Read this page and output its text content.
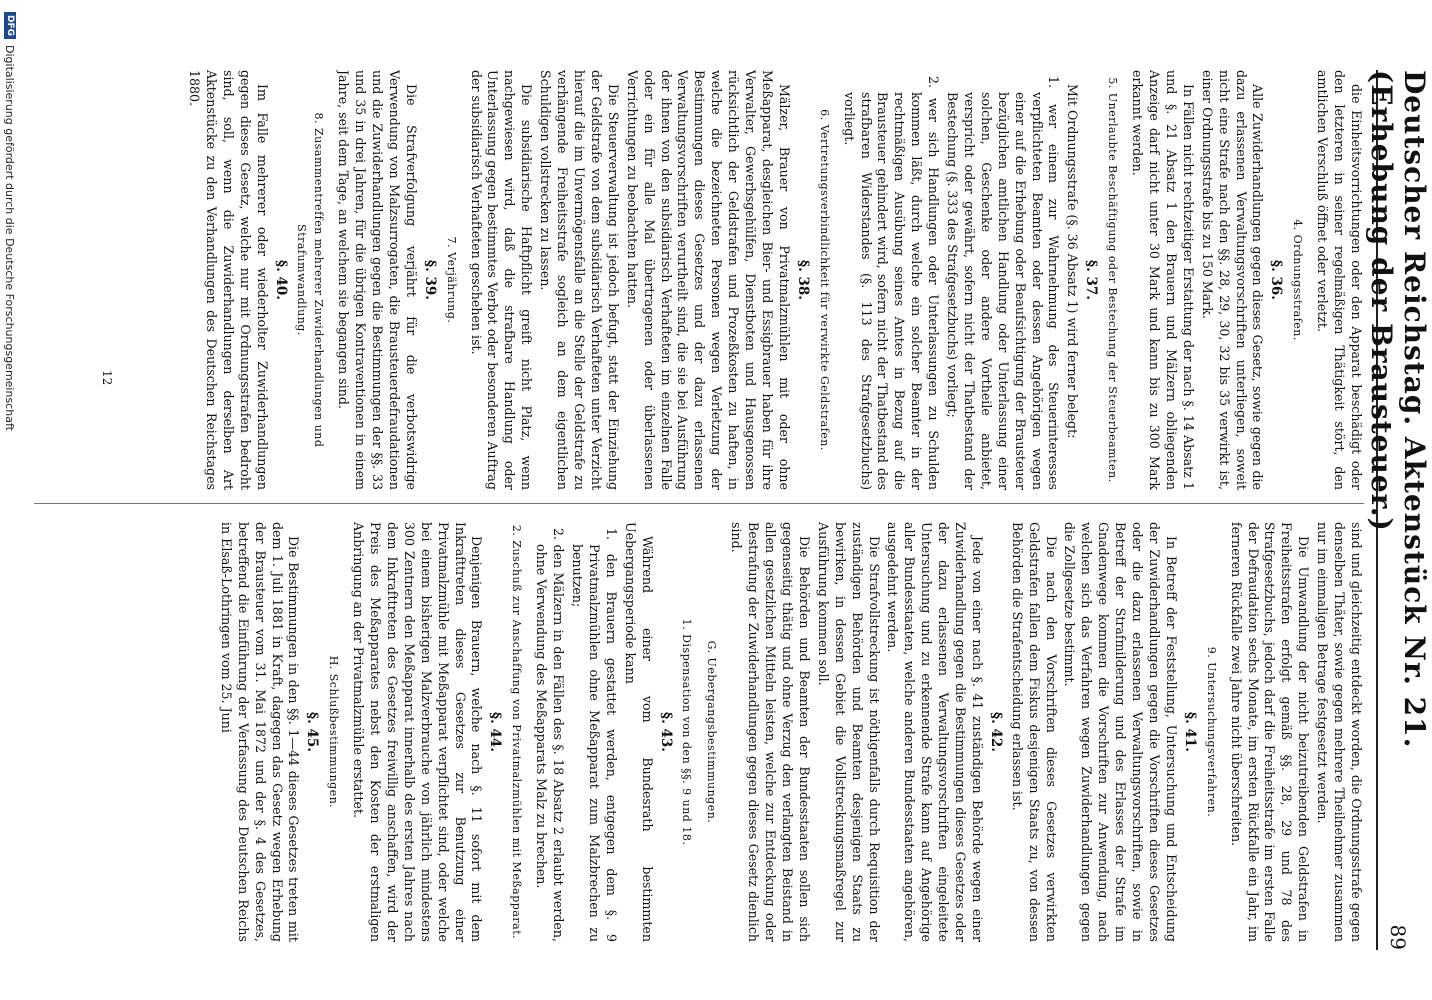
Deutscher Reichstag. Aktenstück Nr. 21. (Erhebung der Brausteuer.)
89

die Einheitsvorrichtungen oder den Apparat beschädigt oder den letzteren in seiner regelmäßigen Thätigkeit stört, den amtlichen Verschluß öffnet oder verletzt.

4. Ordnungsstrafen.
§. 36.

Alle Zuwiderhandlungen gegen dieses Gesetz, sowie gegen die dazu erlassenen Verwaltungsvorschriften unterliegen, soweit nicht eine Strafe nach den §§. 28, 29, 30, 32 bis 35 verwirkt ist, einer Ordnungsstrafe bis zu 150 Mark.

In Fällen nicht rechtzeitiger Erstattung der nach §. 14 Absatz 1 und §. 21 Absatz 1 den Brauern und Mälzern obliegenden Anzeige darf nicht unter 30 Mark und kann bis zu 300 Mark erkannt werden.

5. Unerlaubte Beschäftigung oder Bestechung der Steuerbeamten.
§. 37.

Mit Ordnungsstrafe (§. 36 Absatz 1) wird ferner belegt:

1. wer einem zur Wahrnehmung des Steuerinteresses verpflichteten Beamten oder dessen Angehörigen wegen einer auf die Erhebung oder Beaufsichtigung der Brausteuer bezüglichen amtlichen Handlung oder Unterlassung einer solchen, Geschenke oder andere Vortheile anbietet, verspricht oder gewährt, sofern nicht der Thatbestand der Bestechung (§. 333 des Strafgesetzbuchs) vorliegt;

2. wer sich Handlungen oder Unterlassungen zu Schulden kommen läßt, durch welche ein solcher Beamter in der rechtmäßigen Ausübung seines Amtes in Bezug auf die Brausteuer gehindert wird, sofern nicht der Thatbestand des strafbaren Widerstandes (§. 113 des Strafgesetzbuchs) vorliegt.

6. Vertretungsverbindlichkeit für verwirkte Geldstrafen.
§. 38.

Mälzer, Brauer von Privatmalzmühlen mit oder ohne Meßapparat, desgleichen Bier- und Essigbrauer haben für ihre Verwalter, Gewerbsgehülfen, Dienstboten und Hausgenossen rücksichtlich der Geldstrafen und Prozeßkosten zu haften, in welche die bezeichneten Personen wegen Verletzung der Bestimmungen dieses Gesetzes und der dazu erlassenen Verwaltungsvorschriften verurtheilt sind, die sie bei Ausführung der ihnen von den subsidiarisch Verhafteten im einzelnen Falle oder ein für alle Mal übertragenen oder überlassenen Verrichtungen zu beobachten hatten.

Die Steuerverwaltung ist jedoch befugt, statt der Einziehung der Geldstrafe von dem subsidiarisch Verhafteten unter Verzicht hierauf die im Unvermögensfalle an die Stelle der Geldstrafe zu verhängende Freiheitsstrafe sogleich an dem eigentlichen Schuldigen vollstrecken zu lassen.

Die subsidiarische Haftpflicht greift nicht Platz, wenn nachgewiesen wird, daß die strafbare Handlung oder Unterlassung gegen bestimmtes Verbot oder besonderen Auftrag der subsidiarisch Verhafteten geschehen ist.

7. Verjährung.
§. 39.

Die Strafverfolgung verjährt für die verbotswidrige Verwendung von Malzsurrogaten, die Brausteuerdefraudationen und die Zuwiderhandlungen gegen die Bestimmungen der §§. 33 und 35 in drei Jahren, für die übrigen Kontraventionen in einem Jahre, seit dem Tage, an welchem sie begangen sind.

8. Zusammentreffen mehrerer Zuwiderhandlungen und Strafumwandlung.
§. 40.

Im Falle mehrerer oder wiederholter Zuwiderhandlungen gegen dieses Gesetz, welche nur mit Ordnungsstrafen bedroht sind, soll, wenn die Zuwiderhandlungen derselben Art Aktenstücke zu den Verhandlungen des Deutschen Reichstages 1880.

sind und gleichzeitig entdeckt worden, die Ordnungsstrafe gegen denselben Thäter, sowie gegen mehrere Theilnehmer zusammen nur im einmaligen Betrage festgesetzt werden.

Die Umwandlung der nicht beizutreibenden Geldstrafen in Freiheitsstrafen erfolgt gemäß §§. 28, 29 und 78 des Strafgesetzbuchs, jedoch darf die Freiheitsstrafe im ersten Falle der Defraudation sechs Monate, im ersten Rückfalle ein Jahr, im ferneren Rückfalle zwei Jahre nicht überschreiten.

9. Untersuchungsverfahren.
§. 41.

In Betreff der Feststellung, Untersuchung und Entscheidung der Zuwiderhandlungen gegen die Vorschriften dieses Gesetzes oder die dazu erlassenen Verwaltungsvorschriften, sowie in Betreff der Strafmilderung und des Erlasses der Strafe im Gnadenwege kommen die Vorschriften zur Anwendung, nach welchen sich das Verfahren wegen Zuwiderhandlungen gegen die Zollgesetze bestimmt.

Die nach den Vorschriften dieses Gesetzes verwirkten Geldstrafen fallen dem Fiskus desjenigen Staats zu, von dessen Behörden die Strafentscheidung erlassen ist.

§. 42.

Jede von einer nach §. 41 zuständigen Behörde wegen einer Zuwiderhandlung gegen die Bestimmungen dieses Gesetzes oder der dazu erlassenen Verwaltungsvorschriften eingeleitete Untersuchung und zu erkennende Strafe kann auf Angehörige aller Bundesstaaten, welche anderen Bundesstaaten angehören, ausgedehnt werden.

Die Strafvollstreckung ist nöthigenfalls durch Requisition der zuständigen Behörden und Beamten desjenigen Staats zu bewirken, in dessen Gebiet die Vollstreckungsmaßregel zur Ausführung kommen soll.

Die Behörden und Beamten der Bundesstaaten sollen sich gegenseitig thätig und ohne Verzug den verlangten Beistand in allen gesetzlichen Mitteln leisten, welche zur Entdeckung oder Bestrafung der Zuwiderhandlungen gegen dieses Gesetz dienlich sind.

G. Uebergangsbestimmungen.
1. Dispensation von den §§. 9 und 18.
§. 43.

Während einer vom Bundesrath bestimmten Uebergangsperiode kann

1. den Brauern gestattet werden, entgegen dem §. 9 Privatmalzmühlen ohne Meßapparat zum Malzbrechen zu benutzen;

2. den Mälzern in den Fällen des §. 18 Absatz 2 erlaubt werden, ohne Verwendung des Meßapparats Malz zu brechen.

2. Zuschuß zur Anschaffung von Privatmalzmühlen mit Meßapparat.
§. 44.

Denjenigen Brauern, welche nach §. 11 sofort mit dem Inkrafttreten dieses Gesetzes zur Benutzung einer Privatmalzmühle mit Meßapparat verpflichtet sind, oder welche bei einem bisherigen Malzverbrauche von jährlich mindestens 300 Zentnern den Meßapparat innerhalb des ersten Jahres nach dem Inkrafttreten des Gesetzes freiwillig anschaffen, wird der Preis des Meßapparates nebst den Kosten der erstmaligen Anbringung an der Privatmalzmühle erstattet.

H. Schlußbestimmungen.
§. 45.

Die Bestimmungen in den §§. 1—44 dieses Gesetzes treten mit dem 1. Juli 1881 in Kraft, dagegen das Gesetz wegen Erhebung der Brausteuer vom 31. Mai 1872 und der §. 4 des Gesetzes, betreffend die Einführung der Verfassung des Deutschen Reichs in Elsaß-Lothringen vom 25. Juni

12
DFG
Digitalisierung gefördert durch die Deutsche Forschungsgemeinschaft
